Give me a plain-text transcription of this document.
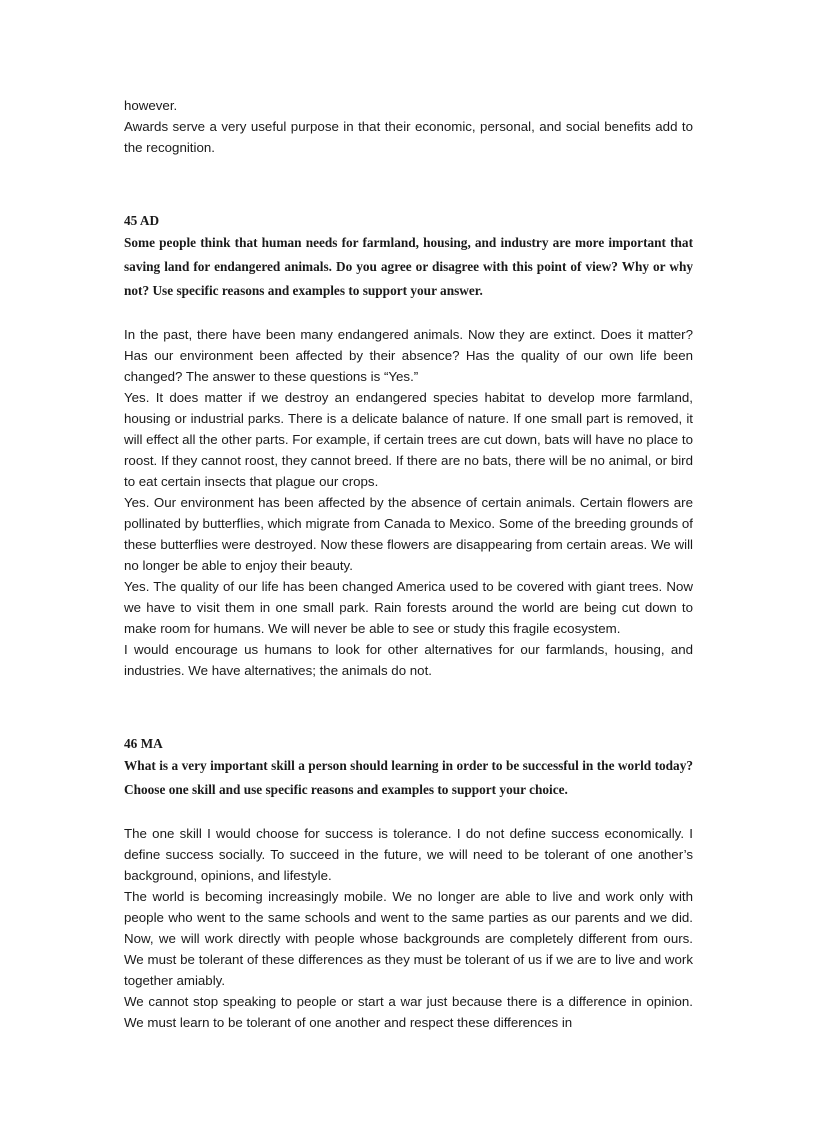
however.

Awards serve a very useful purpose in that their economic, personal, and social benefits add to the recognition.

45 AD

Some people think that human needs for farmland, housing, and industry are more important that saving land for endangered animals. Do you agree or disagree with this point of view? Why or why not? Use specific reasons and examples to support your answer.

In the past, there have been many endangered animals. Now they are extinct. Does it matter? Has our environment been affected by their absence? Has the quality of our own life been changed? The answer to these questions is “Yes.”

Yes. It does matter if we destroy an endangered species habitat to develop more farmland, housing or industrial parks. There is a delicate balance of nature. If one small part is removed, it will effect all the other parts. For example, if certain trees are cut down, bats will have no place to roost. If they cannot roost, they cannot breed. If there are no bats, there will be no animal, or bird to eat certain insects that plague our crops.

Yes. Our environment has been affected by the absence of certain animals. Certain flowers are pollinated by butterflies, which migrate from Canada to Mexico. Some of the breeding grounds of these butterflies were destroyed. Now these flowers are disappearing from certain areas. We will no longer be able to enjoy their beauty.

Yes. The quality of our life has been changed America used to be covered with giant trees. Now we have to visit them in one small park. Rain forests around the world are being cut down to make room for humans. We will never be able to see or study this fragile ecosystem.

I would encourage us humans to look for other alternatives for our farmlands, housing, and industries. We have alternatives; the animals do not.

46 MA

What is a very important skill a person should learning in order to be successful in the world today? Choose one skill and use specific reasons and examples to support your choice.

The one skill I would choose for success is tolerance. I do not define success economically. I define success socially. To succeed in the future, we will need to be tolerant of one another’s background, opinions, and lifestyle.

The world is becoming increasingly mobile. We no longer are able to live and work only with people who went to the same schools and went to the same parties as our parents and we did. Now, we will work directly with people whose backgrounds are completely different from ours. We must be tolerant of these differences as they must be tolerant of us if we are to live and work together amiably.

We cannot stop speaking to people or start a war just because there is a difference in opinion. We must learn to be tolerant of one another and respect these differences in
